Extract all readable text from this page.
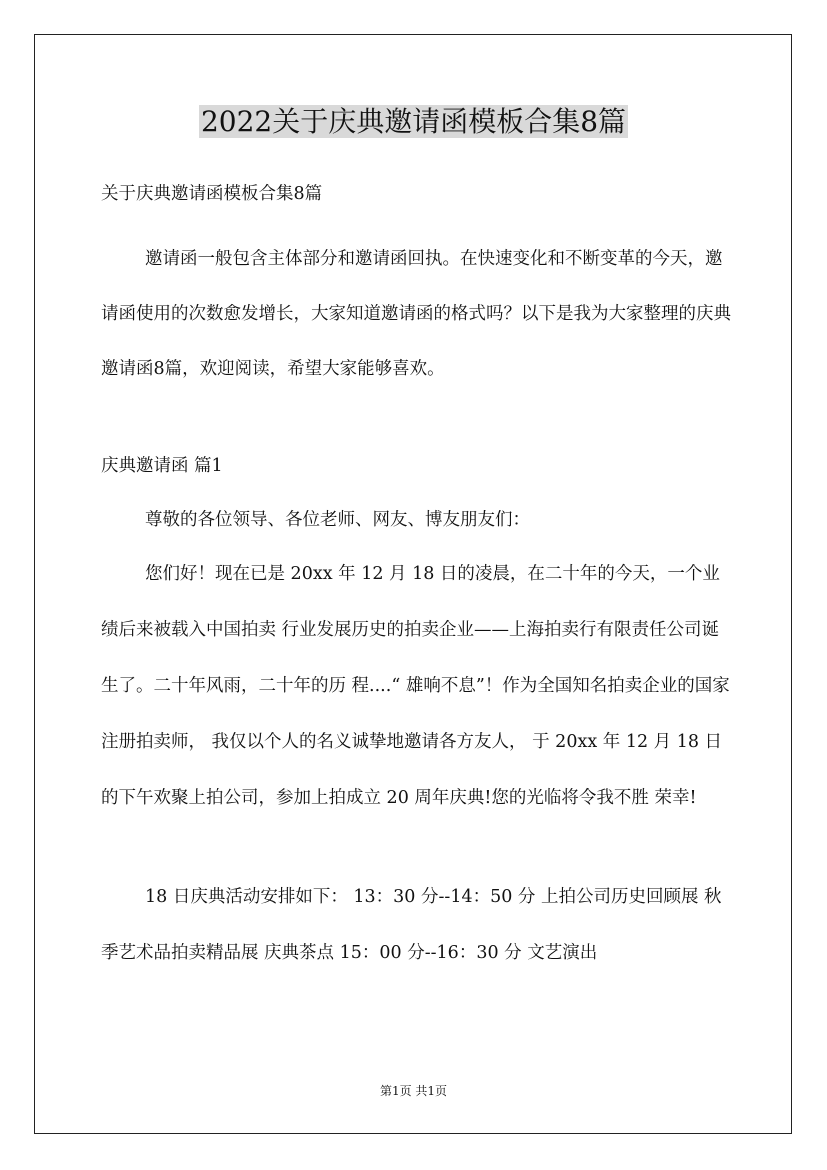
2022关于庆典邀请函模板合集8篇

关于庆典邀请函模板合集8篇

邀请函一般包含主体部分和邀请函回执。在快速变化和不断变革的今天，邀请函使用的次数愈发增长，大家知道邀请函的格式吗？以下是我为大家整理的庆典邀请函8篇，欢迎阅读，希望大家能够喜欢。

庆典邀请函 篇1

尊敬的各位领导、各位老师、网友、博友朋友们：

您们好！现在已是 20xx 年 12 月 18 日的凌晨，在二十年的今天，一个业绩后来被载入中国拍卖 行业发展历史的拍卖企业——上海拍卖行有限责任公司诞生了。二十年风雨，二十年的历 程....“ 雄响不息”！作为全国知名拍卖企业的国家注册拍卖师， 我仅以个人的名义诚挚地邀请各方友人， 于 20xx 年 12 月 18 日的下午欢聚上拍公司，参加上拍成立 20 周年庆典!您的光临将令我不胜 荣幸!

18 日庆典活动安排如下： 13：30 分--14：50 分 上拍公司历史回顾展 秋季艺术品拍卖精品展 庆典茶点 15：00 分--16：30 分 文艺演出

第1页 共1页
